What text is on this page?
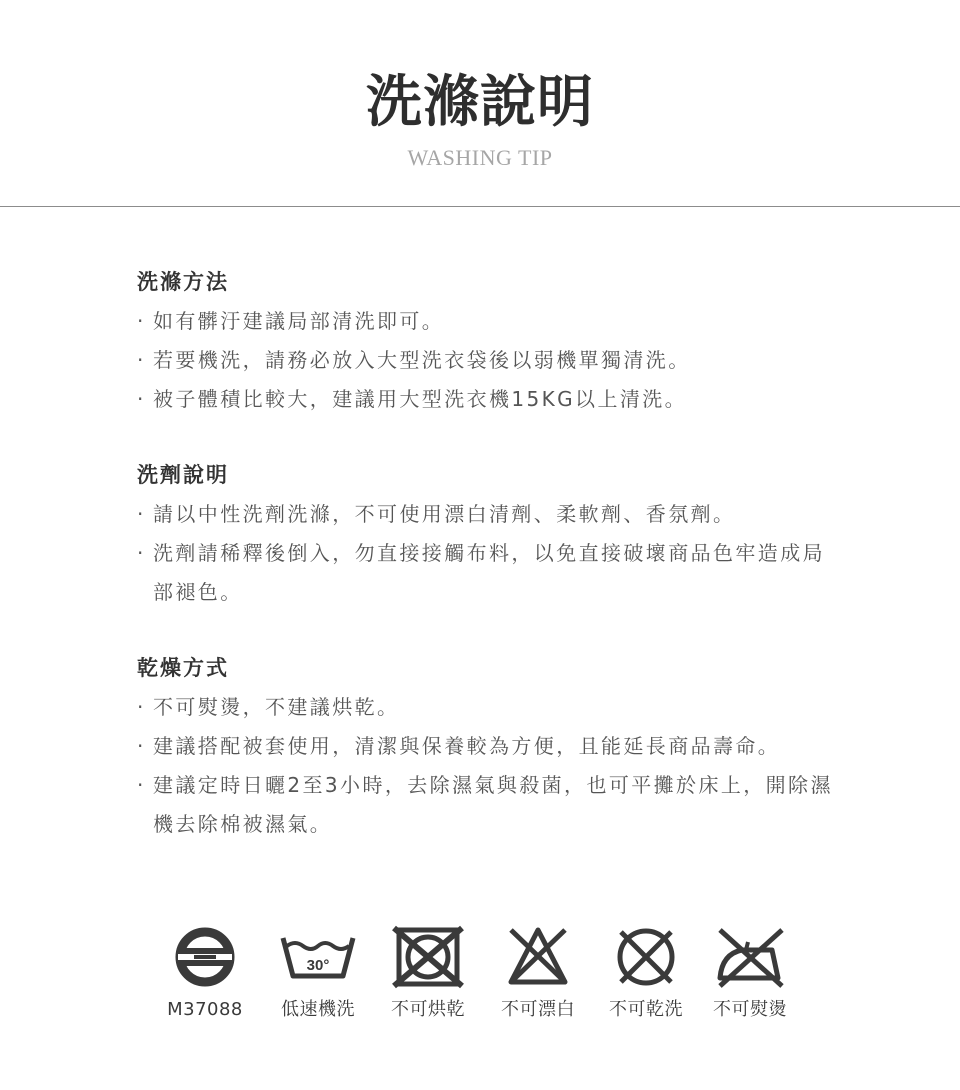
洗滌說明
WASHING TIP
洗滌方法
· 如有髒汙建議局部清洗即可。
· 若要機洗，請務必放入大型洗衣袋後以弱機單獨清洗。
· 被子體積比較大，建議用大型洗衣機15KG以上清洗。
洗劑說明
· 請以中性洗劑洗滌，不可使用漂白清劑、柔軟劑、香氛劑。
· 洗劑請稀釋後倒入，勿直接接觸布料，以免直接破壞商品色牢造成局部褪色。
乾燥方式
· 不可熨燙，不建議烘乾。
· 建議搭配被套使用，清潔與保養較為方便，且能延長商品壽命。
· 建議定時日曬2至3小時，去除濕氣與殺菌，也可平攤於床上，開除濕機去除棉被濕氣。
M37088
30°
低速機洗	不可烘乾	不可漂白	不可乾洗	不可熨燙
